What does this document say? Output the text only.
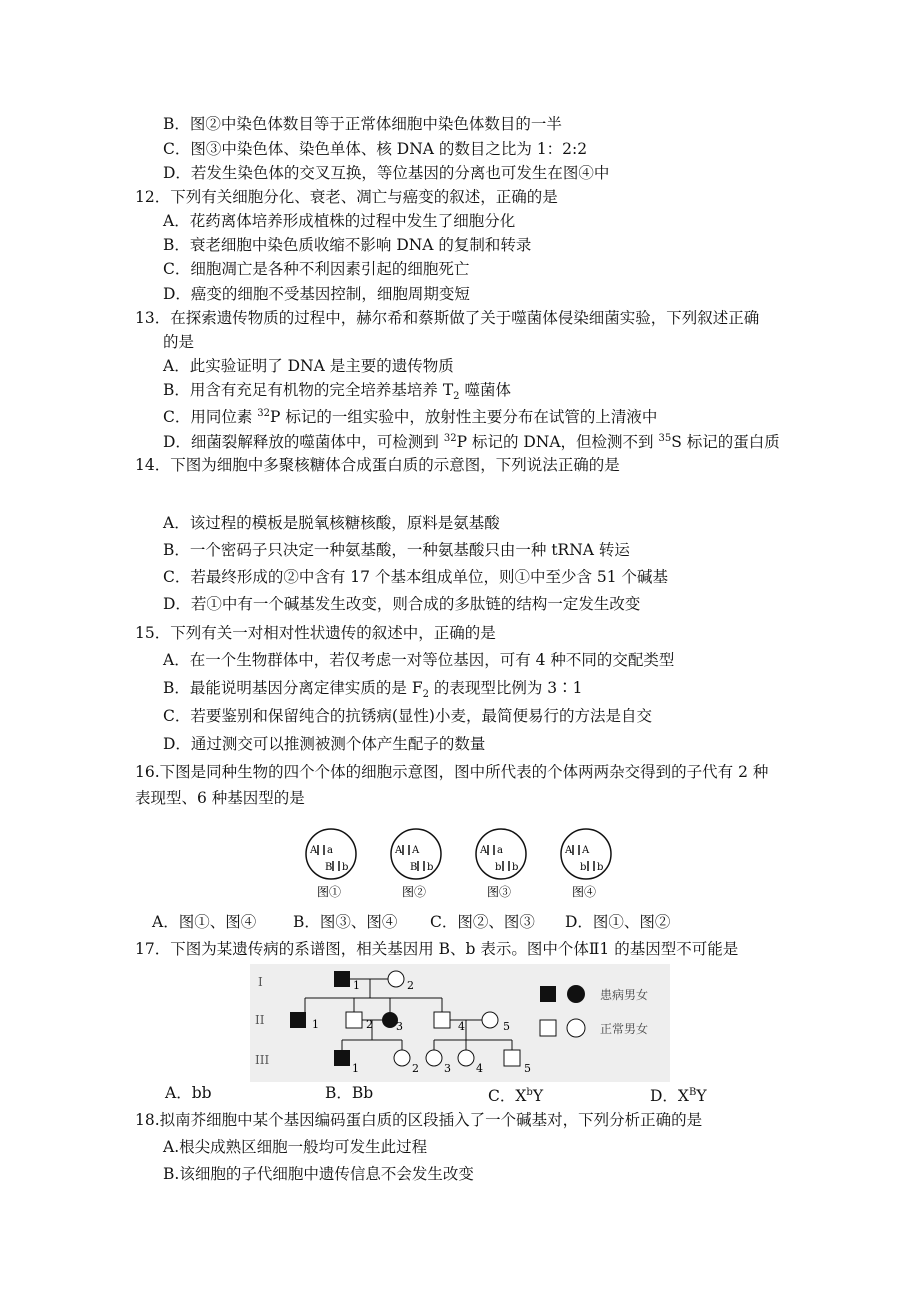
B．图②中染色体数目等于正常体细胞中染色体数目的一半
C．图③中染色体、染色单体、核 DNA 的数目之比为 1：2:2
D．若发生染色体的交叉互换，等位基因的分离也可发生在图④中
12．下列有关细胞分化、衰老、凋亡与癌变的叙述，正确的是
A．花药离体培养形成植株的过程中发生了细胞分化
B．衰老细胞中染色质收缩不影响 DNA 的复制和转录
C．细胞凋亡是各种不利因素引起的细胞死亡
D．癌变的细胞不受基因控制，细胞周期变短
13．在探索遗传物质的过程中，赫尔希和蔡斯做了关于噬菌体侵染细菌实验，下列叙述正确
的是
A．此实验证明了 DNA 是主要的遗传物质
B．用含有充足有机物的完全培养基培养 $T_2$ 噬菌体
C．用同位素 $^{32}$P 标记的一组实验中，放射性主要分布在试管的上清液中
D．细菌裂解释放的噬菌体中，可检测到 $^{32}$P 标记的 DNA，但检测不到 $^{35}$S 标记的蛋白质
14．下图为细胞中多聚核糖体合成蛋白质的示意图，下列说法正确的是
A．该过程的模板是脱氧核糖核酸，原料是氨基酸
B．一个密码子只决定一种氨基酸，一种氨基酸只由一种 tRNA 转运
C．若最终形成的②中含有 17 个基本组成单位，则①中至少含 51 个碱基
D．若①中有一个碱基发生改变，则合成的多肽链的结构一定发生改变
15．下列有关一对相对性状遗传的叙述中，正确的是
A．在一个生物群体中，若仅考虑一对等位基因，可有 4 种不同的交配类型
B．最能说明基因分离定律实质的是 $F_2$ 的表现型比例为 3∶1
C．若要鉴别和保留纯合的抗锈病(显性)小麦，最简便易行的方法是自交
D．通过测交可以推测被测个体产生配子的数量
16.下图是同种生物的四个个体的细胞示意图，图中所代表的个体两两杂交得到的子代有 2 种
表现型、6 种基因型的是
A a
B b
图①
A A
B b
图②
A a
b b
图③
A A
b b
图④
A．图①、图④ B．图③、图④ C．图②、图③ D．图①、图②
17．下图为某遗传病的系谱图，相关基因用 B、b 表示。图中个体Ⅱ1 的基因型不可能是
I
II
III
1	2
1	2 3	4	5
1	2 3 4	5
患病男女
正常男女
A．bb	B．Bb	C．$X^bY$	D．$X^BY$
18.拟南芥细胞中某个基因编码蛋白质的区段插入了一个碱基对，下列分析正确的是
A.根尖成熟区细胞一般均可发生此过程
B.该细胞的子代细胞中遗传信息不会发生改变
